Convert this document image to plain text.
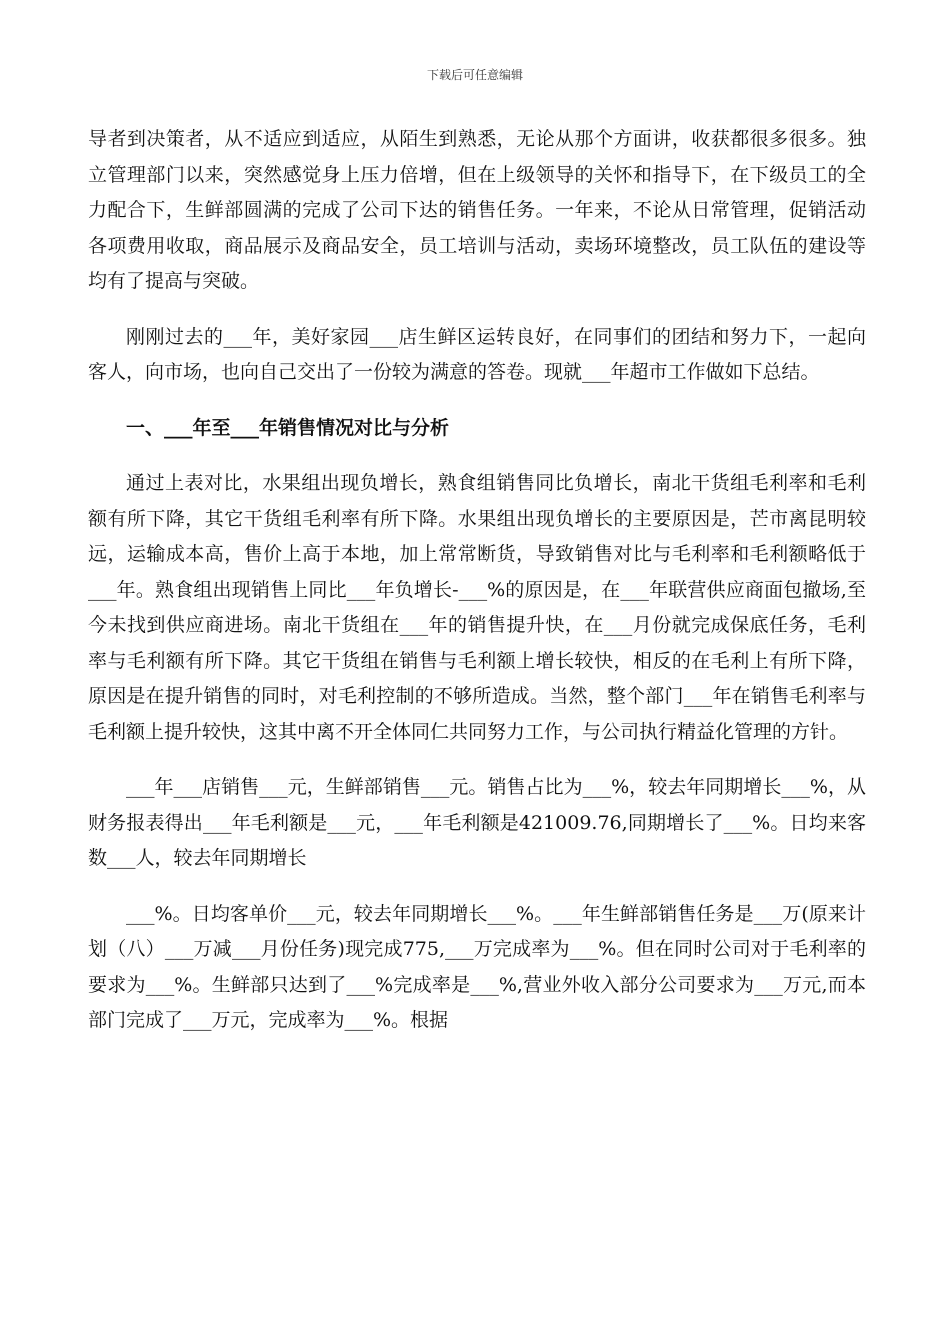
下载后可任意编辑

导者到决策者，从不适应到适应，从陌生到熟悉，无论从那个方面讲，收获都很多很多。独立管理部门以来，突然感觉身上压力倍增，但在上级领导的关怀和指导下，在下级员工的全力配合下，生鲜部圆满的完成了公司下达的销售任务。一年来，不论从日常管理，促销活动各项费用收取，商品展示及商品安全，员工培训与活动，卖场环境整改，员工队伍的建设等均有了提高与突破。

刚刚过去的___年，美好家园___店生鲜区运转良好，在同事们的团结和努力下，一起向客人，向市场，也向自己交出了一份较为满意的答卷。现就___年超市工作做如下总结。

一、___年至___年销售情况对比与分析

通过上表对比，水果组出现负增长，熟食组销售同比负增长，南北干货组毛利率和毛利额有所下降，其它干货组毛利率有所下降。水果组出现负增长的主要原因是，芒市离昆明较远，运输成本高，售价上高于本地，加上常常断货，导致销售对比与毛利率和毛利额略低于___年。熟食组出现销售上同比___年负增长-___%的原因是，在___年联营供应商面包撤场,至今未找到供应商进场。南北干货组在___年的销售提升快，在___月份就完成保底任务，毛利率与毛利额有所下降。其它干货组在销售与毛利额上增长较快，相反的在毛利上有所下降，原因是在提升销售的同时，对毛利控制的不够所造成。当然，整个部门___年在销售毛利率与毛利额上提升较快，这其中离不开全体同仁共同努力工作，与公司执行精益化管理的方针。

___年___店销售___元，生鲜部销售___元。销售占比为___%，较去年同期增长___%，从财务报表得出___年毛利额是___元，___年毛利额是421009.76,同期增长了___%。日均来客数___人，较去年同期增长

___%。日均客单价___元，较去年同期增长___%。___年生鲜部销售任务是___万(原来计划（八）___万减___月份任务)现完成775,___万完成率为___%。但在同时公司对于毛利率的要求为___%。生鲜部只达到了___%完成率是___%,营业外收入部分公司要求为___万元,而本部门完成了___万元，完成率为___%。根据
